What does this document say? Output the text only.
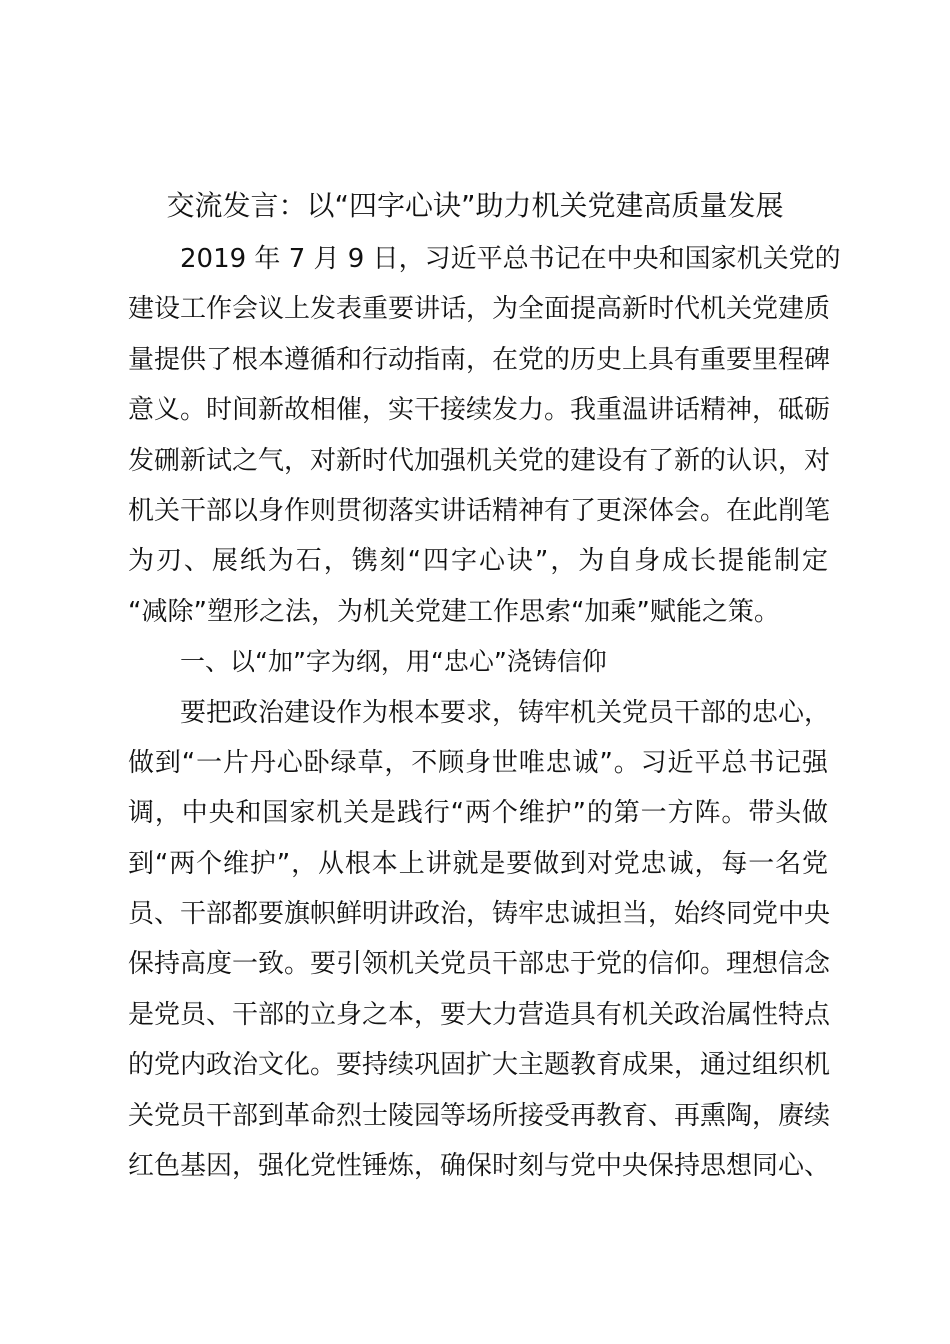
交流发言：以“四字心诀”助力机关党建高质量发展
2019 年 7 月 9 日，习近平总书记在中央和国家机关党的
建设工作会议上发表重要讲话，为全面提高新时代机关党建质
量提供了根本遵循和行动指南，在党的历史上具有重要里程碑
意义。时间新故相催，实干接续发力。我重温讲话精神，砥砺
发硎新试之气，对新时代加强机关党的建设有了新的认识，对
机关干部以身作则贯彻落实讲话精神有了更深体会。在此削笔
为刃、展纸为石，镌刻“四字心诀”，为自身成长提能制定
“减除”塑形之法，为机关党建工作思索“加乘”赋能之策。
一、以“加”字为纲，用“忠心”浇铸信仰
要把政治建设作为根本要求，铸牢机关党员干部的忠心，
做到“一片丹心卧绿草，不顾身世唯忠诚”。习近平总书记强
调，中央和国家机关是践行“两个维护”的第一方阵。带头做
到“两个维护”，从根本上讲就是要做到对党忠诚，每一名党
员、干部都要旗帜鲜明讲政治，铸牢忠诚担当，始终同党中央
保持高度一致。要引领机关党员干部忠于党的信仰。理想信念
是党员、干部的立身之本，要大力营造具有机关政治属性特点
的党内政治文化。要持续巩固扩大主题教育成果，通过组织机
关党员干部到革命烈士陵园等场所接受再教育、再熏陶，赓续
红色基因，强化党性锤炼，确保时刻与党中央保持思想同心、
